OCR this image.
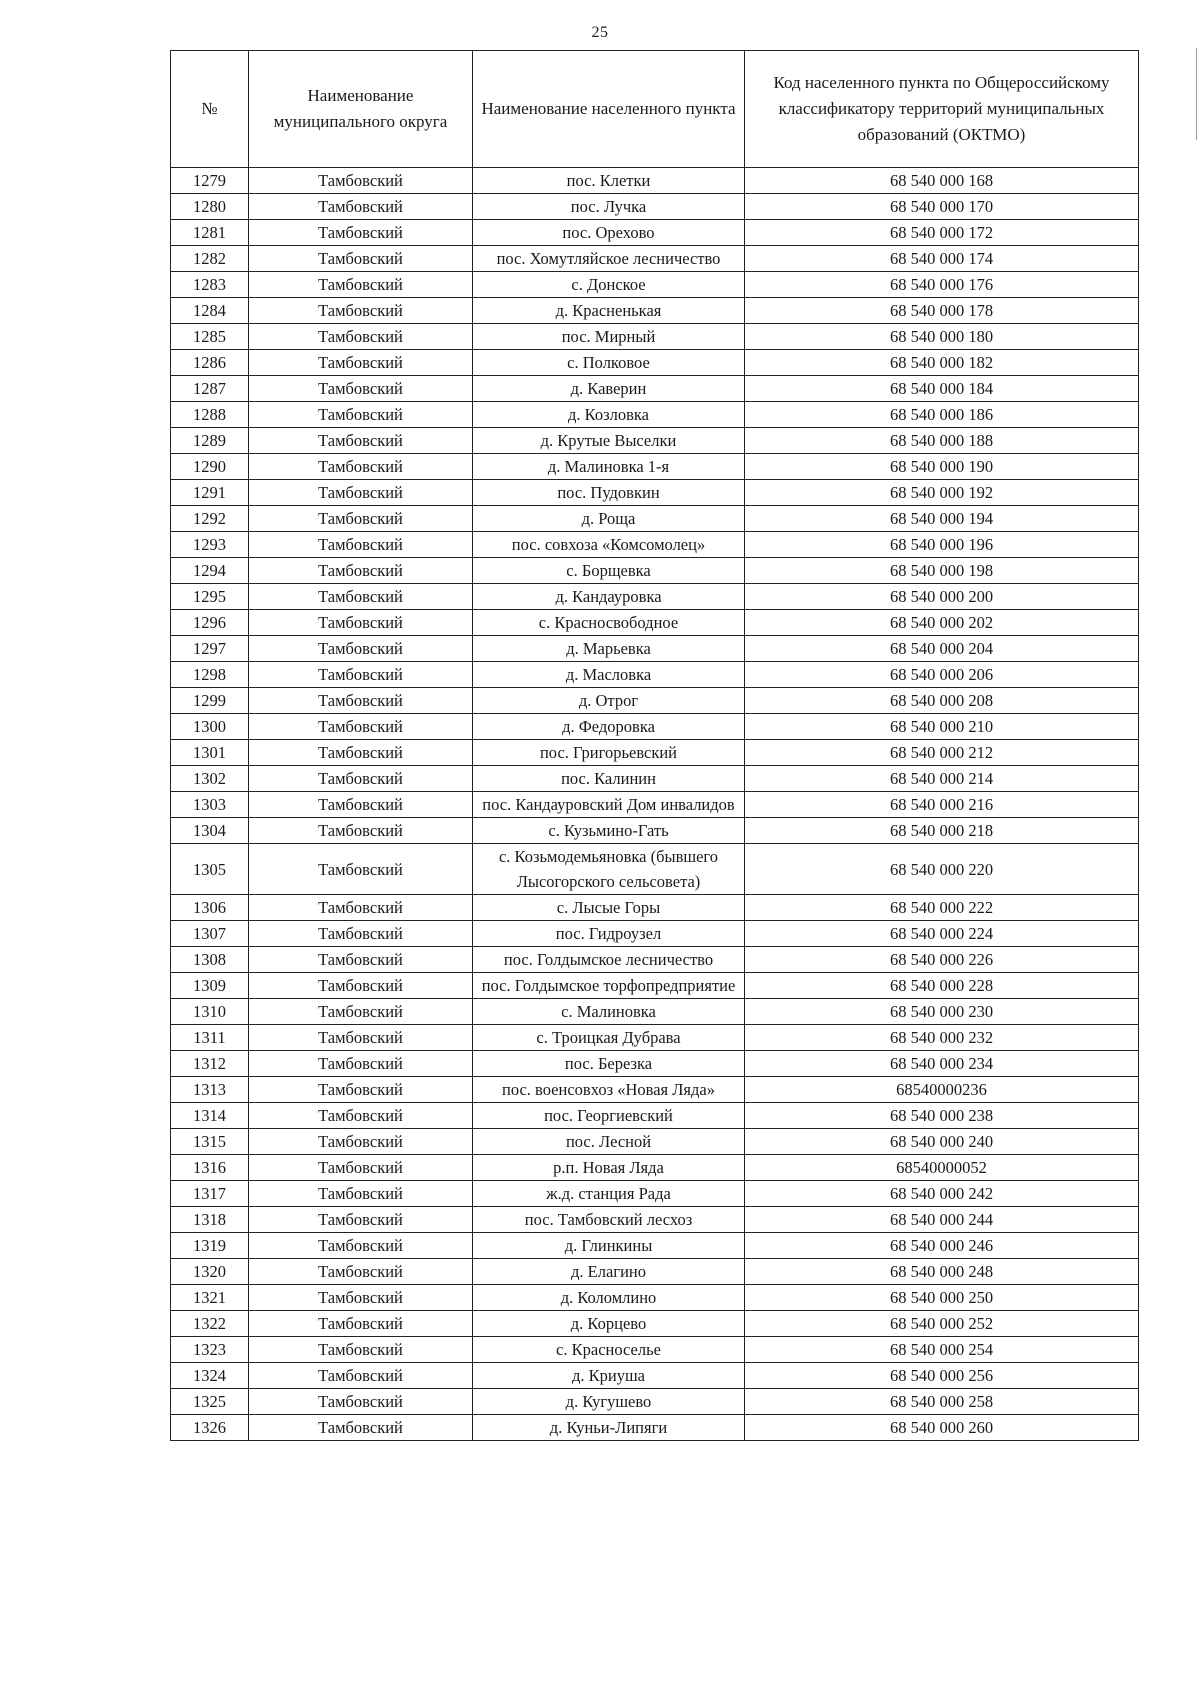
25
№	Наименование муниципального округа	Наименование населенного пункта	Код населенного пункта по Общероссийскому классификатору территорий муниципальных образований (ОКТМО)
1279	Тамбовский	пос. Клетки	68 540 000 168
1280	Тамбовский	пос. Лучка	68 540 000 170
1281	Тамбовский	пос. Орехово	68 540 000 172
1282	Тамбовский	пос. Хомутляйское лесничество	68 540 000 174
1283	Тамбовский	с. Донское	68 540 000 176
1284	Тамбовский	д. Красненькая	68 540 000 178
1285	Тамбовский	пос. Мирный	68 540 000 180
1286	Тамбовский	с. Полковое	68 540 000 182
1287	Тамбовский	д. Каверин	68 540 000 184
1288	Тамбовский	д. Козловка	68 540 000 186
1289	Тамбовский	д. Крутые Выселки	68 540 000 188
1290	Тамбовский	д. Малиновка 1-я	68 540 000 190
1291	Тамбовский	пос. Пудовкин	68 540 000 192
1292	Тамбовский	д. Роща	68 540 000 194
1293	Тамбовский	пос. совхоза «Комсомолец»	68 540 000 196
1294	Тамбовский	с. Борщевка	68 540 000 198
1295	Тамбовский	д. Кандауровка	68 540 000 200
1296	Тамбовский	с. Красносвободное	68 540 000 202
1297	Тамбовский	д. Марьевка	68 540 000 204
1298	Тамбовский	д. Масловка	68 540 000 206
1299	Тамбовский	д. Отрог	68 540 000 208
1300	Тамбовский	д. Федоровка	68 540 000 210
1301	Тамбовский	пос. Григорьевский	68 540 000 212
1302	Тамбовский	пос. Калинин	68 540 000 214
1303	Тамбовский	пос. Кандауровский Дом инвалидов	68 540 000 216
1304	Тамбовский	с. Кузьмино-Гать	68 540 000 218
1305	Тамбовский	с. Козьмодемьяновка (бывшего Лысогорского сельсовета)	68 540 000 220
1306	Тамбовский	с. Лысые Горы	68 540 000 222
1307	Тамбовский	пос. Гидроузел	68 540 000 224
1308	Тамбовский	пос. Голдымское лесничество	68 540 000 226
1309	Тамбовский	пос. Голдымское торфопредприятие	68 540 000 228
1310	Тамбовский	с. Малиновка	68 540 000 230
1311	Тамбовский	с. Троицкая Дубрава	68 540 000 232
1312	Тамбовский	пос. Березка	68 540 000 234
1313	Тамбовский	пос. военсовхоз «Новая Ляда»	68540000236
1314	Тамбовский	пос. Георгиевский	68 540 000 238
1315	Тамбовский	пос. Лесной	68 540 000 240
1316	Тамбовский	р.п. Новая Ляда	68540000052
1317	Тамбовский	ж.д. станция Рада	68 540 000 242
1318	Тамбовский	пос. Тамбовский лесхоз	68 540 000 244
1319	Тамбовский	д. Глинкины	68 540 000 246
1320	Тамбовский	д. Елагино	68 540 000 248
1321	Тамбовский	д. Коломлино	68 540 000 250
1322	Тамбовский	д. Корцево	68 540 000 252
1323	Тамбовский	с. Красноселье	68 540 000 254
1324	Тамбовский	д. Криуша	68 540 000 256
1325	Тамбовский	д. Кугушево	68 540 000 258
1326	Тамбовский	д. Куньи-Липяги	68 540 000 260
